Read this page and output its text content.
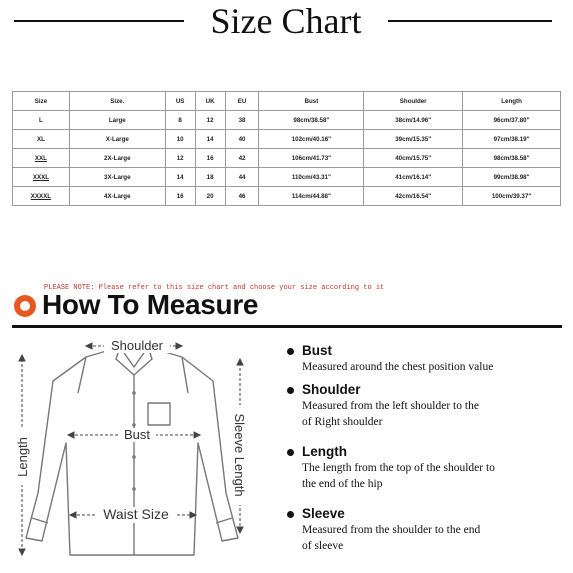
Size Chart
Size	Size.	US	UK	EU	Bust	Shoulder	Length
L	Large	8	12	38	98cm/38.58"	38cm/14.96"	96cm/37.80"
XL	X-Large	10	14	40	102cm/40.16"	39cm/15.35"	97cm/38.19"
XXL	2X-Large	12	16	42	106cm/41.73"	40cm/15.75"	98cm/38.58"
XXXL	3X-Large	14	18	44	110cm/43.31"	41cm/16.14"	99cm/38.98"
XXXXL	4X-Large	16	20	46	114cm/44.88"	42cm/16.54"	100cm/39.37"
PLEASE NOTE: Please refer to this size chart and choose your size according to it
How To Measure
Shoulder
Bust
Waist Size
Length	Sleeve Length
Bust
Measured around the chest position value
Shoulder
Measured from the left shoulder to the
of Right shoulder
Length
The length from the top of the shoulder to
the end of the hip
Sleeve
Measured from the shoulder to the end
of sleeve
